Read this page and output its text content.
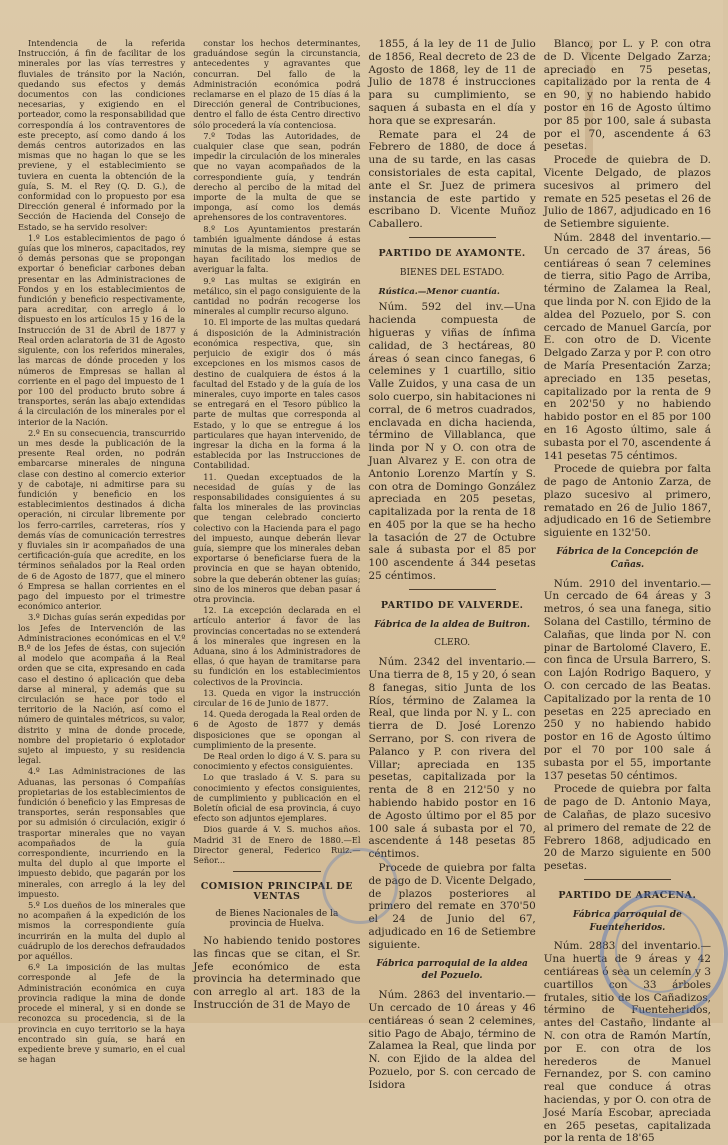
Intendencia de la referida Instrucción, á fin de facilitar de los minerales por las vías terrestres y fluviales de tránsito por la Nación, quedando sus efectos y demás documentos con las condiciones necesarias, y exigiendo en el porteador, como la responsabilidad que correspondía á los contraventores de este precepto, así como dando á los demás centros autorizados en las mismas que no hagan lo que se les previene, y el establecimiento se tuviera en cuenta la obtención de la guía, S. M. el Rey (Q. D. G.), de conformidad con lo propuesto por esa Dirección general é informado por la Sección de Hacienda del Consejo de Estado, se ha servido resolver:

1.º Los establecimientos de pago ó guías que los mineros, capacitados, rey ó demás personas que se propongan exportar ó beneficiar carbones deban presentar en las Administraciones de Fondos y en los establecimientos de fundición y beneficio respectivamente, para acreditar, con arreglo á lo dispuesto en los artículos 15 y 16 de la Instrucción de 31 de Abril de 1877 y Real orden aclaratoria de 31 de Agosto siguiente, con los referidos minerales, las marcas de dónde proceden y los números de Empresas se hallan al corriente en el pago del impuesto de 1 por 100 del producto bruto sobre á transportes, serán las abajo extendidas á la circulación de los minerales por el interior de la Nación.

2.º En su consecuencia, transcurrido un mes desde la publicación de la presente Real orden, no podrán embarcarse minerales de ninguna clase con destino al comercio exterior y de cabotaje, ni admitirse para su fundición y beneficio en los establecimientos destinados á dicha operación, ni circular libremente por los ferro-carriles, carreteras, ríos y demás vías de comunicación terrestres y fluviales sin ir acompañados de una certificación-guía que acredite, en los términos señalados por la Real orden de 6 de Agosto de 1877, que el minero ó Empresa se hallan corrientes en el pago del impuesto por el trimestre económico anterior.

3.º Dichas guías serán expedidas por los Jefes de Intervención de las Administraciones económicas en el V.º B.º de los Jefes de éstas, con sujeción al modelo que acompaña á la Real orden que se cita, expresando en cada caso el destino ó aplicación que deba darse al mineral, y además que su circulación se hace por todo el territorio de la Nación, así como el número de quintales métricos, su valor, distrito y mina de donde procede, nombre del propietario ó explotador sujeto al impuesto, y su residencia legal.

4.º Las Administraciones de las Aduanas, las personas ó Compañías propietarias de los establecimientos de fundición ó beneficio y las Empresas de transportes, serán responsables que por su admisión ó circulación, exigir ó trasportar minerales que no vayan acompañados de la guía correspondiente, incurriendo en la multa del duplo al que importe el impuesto debido, que pagarán por los minerales, con arreglo á la ley del impuesto.

5.º Los dueños de los minerales que no acompañen á la expedición de los mismos la correspondiente guía incurrirán en la multa del duplo al cuádruplo de los derechos defraudados por aquéllos.

6.º La imposición de las multas corresponde al Jefe de la Administración económica en cuya provincia radique la mina de donde procede el mineral, y si en donde se reconozca su procedencia, si de la provincia en cuyo territorio se la haya encontrado sin guía, se hará en expediente breve y sumario, en el cual se hagan

constar los hechos determinantes, graduándose según la circunstancia, antecedentes y agravantes que concurran. Del fallo de la Administración económica podrá reclamarse en el plazo de 15 días á la Dirección general de Contribuciones, dentro el fallo de ésta Centro directivo sólo procederá la vía contenciosa.

7.º Todas las Autoridades, de cualquier clase que sean, podrán impedir la circulación de los minerales que no vayan acompañados de la correspondiente guía, y tendrán derecho al percibo de la mitad del importe de la multa de que se imponga, así como los demás aprehensores de los contraventores.

8.º Los Ayuntamientos prestarán también igualmente dándose á estas minutas de la misma, siempre que se hayan facilitado los medios de averiguar la falta.

9.º Las multas se exigirán en metálico, sin el pago consiguiente de la cantidad no podrán recogerse los minerales al cumplir recurso alguno.

10. El importe de las multas quedará á disposición de la Administración económica respectiva, que, sin perjuicio de exigir dos ó más excepciones en los mismos casos de destino de cualquiera de éstos á la facultad del Estado y de la guía de los minerales, cuyo importe en tales casos se entregará en el Tesoro público la parte de multas que corresponda al Estado, y lo que se entregue á los particulares que hayan intervenido, de ingresar la dicha en la forma á la establecida por las Instrucciones de Contabilidad.

11. Quedan exceptuados de la necesidad de guías y de las responsabilidades consiguientes á su falta los minerales de las provincias que tengan celebrado concierto colectivo con la Hacienda para el pago del impuesto, aunque deberán llevar guía, siempre que los minerales deban exportarse ó beneficiarse fuera de la provincia en que se hayan obtenido, sobre la que deberán obtener las guías; sino de los mineros que deban pasar á otra provincia.

12. La excepción declarada en el artículo anterior á favor de las provincias concertadas no se extenderá á los minerales que ingresen en la Aduana, sino á los Administradores de ellas, ó que hayan de tramitarse para su fundición en los establecimientos colectivos de la Provincia.

13. Queda en vigor la instrucción circular de 16 de Junio de 1877.

14. Queda derogada la Real orden de 6 de Agosto de 1877 y demás disposiciones que se opongan al cumplimiento de la presente.

De Real orden lo digo á V. S. para su conocimiento y efectos consiguientes.

Lo que traslado á V. S. para su conocimiento y efectos consiguientes, de cumplimiento y publicación en el Boletín oficial de esa provincia, á cuyo efecto son adjuntos ejemplares.

Dios guarde á V. S. muchos años. Madrid 31 de Enero de 1880.—El Director general, Federico Ruiz.—Señor...

COMISION PRINCIPAL DE VENTAS
de Bienes Nacionales de la provincia de Huelva.

No habiendo tenido postores las fincas que se citan, el Sr. Jefe económico de esta provincia ha determinado que con arreglo al art. 183 de la Instrucción de 31 de Mayo de

1855, á la ley de 11 de Julio de 1856, Real decreto de 23 de Agosto de 1868, ley de 11 de Julio de 1878 é instrucciones para su cumplimiento, se saquen á subasta en el día y hora que se expresarán.

Remate para el 24 de Febrero de 1880, de doce á una de su tarde, en las casas consistoriales de esta capital, ante el Sr. Juez de primera instancia de este partido y escribano D. Vicente Muñoz Caballero.

PARTIDO DE AYAMONTE.
BIENES DEL ESTADO.
Rústica.—Menor cuantía.

Núm. 592 del inv.—Una hacienda compuesta de higueras y viñas de ínfima calidad, de 3 hectáreas, 80 áreas ó sean cinco fanegas, 6 celemines y 1 cuartillo, sitio Valle Zuidos, y una casa de un solo cuerpo, sin habitaciones ni corral, de 6 metros cuadrados, enclavada en dicha hacienda, término de Villablanca, que linda por N y O. con otra de Juan Alvarez y E. con otra de Antonio Lorenzo Martín y S. con otra de Domingo González apreciada en 205 pesetas, capitalizada por la renta de 18 en 405 por la que se ha hecho la tasación de 27 de Octubre sale á subasta por el 85 por 100 ascendente á 344 pesetas 25 céntimos.

PARTIDO DE VALVERDE.
Fábrica de la aldea de Buitron.
CLERO.

Núm. 2342 del inventario.—Una tierra de 8, 15 y 20, ó sean 8 fanegas, sitio Junta de los Ríos, término de Zalamea la Real, que linda por N. y L. con tierra de D. José Lorenzo Serrano, por S. con rivera de Palanco y P. con rivera del Villar; apreciada en 135 pesetas, capitalizada por la renta de 8 en 212'50 y no habiendo habido postor en 16 de Agosto último por el 85 por 100 sale á subasta por el 70, ascendente á 148 pesetas 85 céntimos.

Procede de quiebra por falta de pago de D. Vicente Delgado, de plazos posteriores al primero del remate en 370'50 el 24 de Junio del 67, adjudicado en 16 de Setiembre siguiente.

Fábrica parroquial de la aldea del Pozuelo.

Núm. 2863 del inventario.—Un cercado de 10 áreas y 46 centiáreas ó sean 2 celemines, sitio Pago de Abajo, término de Zalamea la Real, que linda por N. con Ejido de la aldea del Pozuelo, por S. con cercado de Isidora

Blanco, por L. y P. con otra de D. Vicente Delgado Zarza; apreciado en 75 pesetas, capitalizado por la renta de 4 en 90, y no habiendo habido postor en 16 de Agosto último por 85 por 100, sale á subasta por el 70, ascendente á 63 pesetas.

Procede de quiebra de D. Vicente Delgado, de plazos sucesivos al primero del remate en 525 pesetas el 26 de Julio de 1867, adjudicado en 16 de Setiembre siguiente.

Núm. 2848 del inventario.—Un cercado de 37 áreas, 56 centiáreas ó sean 7 celemines de tierra, sitio Pago de Arriba, término de Zalamea la Real, que linda por N. con Ejido de la aldea del Pozuelo, por S. con cercado de Manuel García, por E. con otro de D. Vicente Delgado Zarza y por P. con otro de María Presentación Zarza; apreciado en 135 pesetas, capitalizado por la renta de 9 en 202'50 y no habiendo habido postor en el 85 por 100 en 16 Agosto último, sale á subasta por el 70, ascendente á 141 pesetas 75 céntimos.

Procede de quiebra por falta de pago de Antonio Zarza, de plazo sucesivo al primero, rematado en 26 de Julio 1867, adjudicado en 16 de Setiembre siguiente en 132'50.

Fábrica de la Concepción de Cañas.

Núm. 2910 del inventario.—Un cercado de 64 áreas y 3 metros, ó sea una fanega, sitio Solana del Castillo, término de Calañas, que linda por N. con pinar de Bartolomé Clavero, E. con finca de Ursula Barrero, S. con Lajón Rodrigo Baquero, y O. con cercado de las Beatas. Capitalizado por la renta de 10 pesetas en 225 apreciado en 250 y no habiendo habido postor en 16 de Agosto último por el 70 por 100 sale á subasta por el 55, importante 137 pesetas 50 céntimos.

Procede de quiebra por falta de pago de D. Antonio Maya, de Calañas, de plazo sucesivo al primero del remate de 22 de Febrero 1868, adjudicado en 20 de Marzo siguiente en 500 pesetas.

PARTIDO DE ARACENA.
Fábrica parroquial de Fuenteheridos.

Núm. 2883 del inventario.—Una huerta de 9 áreas y 42 centiáreas ó sea un celemín y 3 cuartillos con 33 árboles frutales, sitio de los Cañadizos, término de Fuenteheridos, antes del Castaño, lindante al N. con otra de Ramón Martín, por E. con otra de los herederos de Manuel Fernandez, por S. con camino real que conduce á otras haciendas, y por O. con otra de José María Escobar, apreciada en 265 pesetas, capitalizada por la renta de 18'65
